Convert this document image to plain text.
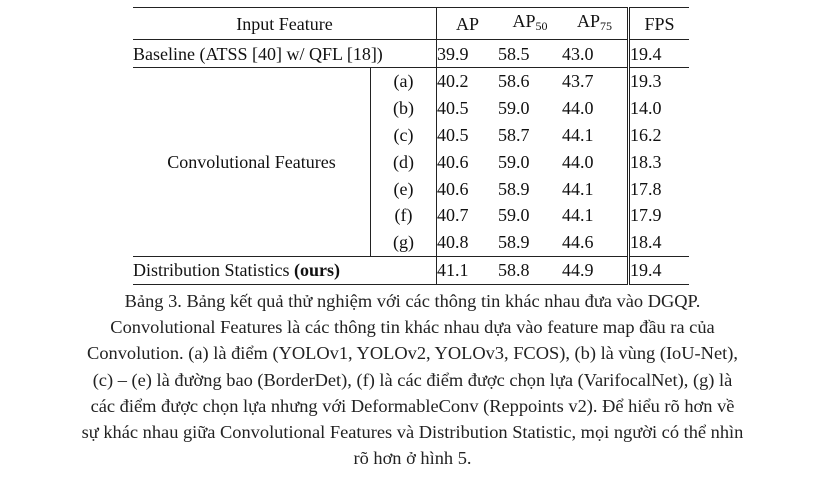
Input Feature		AP	$AP_{50}$	$AP_{75}$	FPS
Baseline (ATSS [40] w/ QFL [18])		39.9	58.5	43.0	19.4
Convolutional Features	(a)	40.2	58.6	43.7	19.3
	(b)	40.5	59.0	44.0	14.0
	(c)	40.5	58.7	44.1	16.2
	(d)	40.6	59.0	44.0	18.3
	(e)	40.6	58.9	44.1	17.8
	(f)	40.7	59.0	44.1	17.9
	(g)	40.8	58.9	44.6	18.4
Distribution Statistics (ours)		41.1	58.8	44.9	19.4

Bảng 3. Bảng kết quả thử nghiệm với các thông tin khác nhau đưa vào DGQP.

Convolutional Features là các thông tin khác nhau dựa vào feature map đầu ra của

Convolution. (a) là điểm (YOLOv1, YOLOv2, YOLOv3, FCOS), (b) là vùng (IoU-Net),

(c) – (e) là đường bao (BorderDet), (f) là các điểm được chọn lựa (VarifocalNet), (g) là

các điểm được chọn lựa nhưng với DeformableConv (Reppoints v2). Để hiểu rõ hơn về

sự khác nhau giữa Convolutional Features và Distribution Statistic, mọi người có thể nhìn

rõ hơn ở hình 5.
